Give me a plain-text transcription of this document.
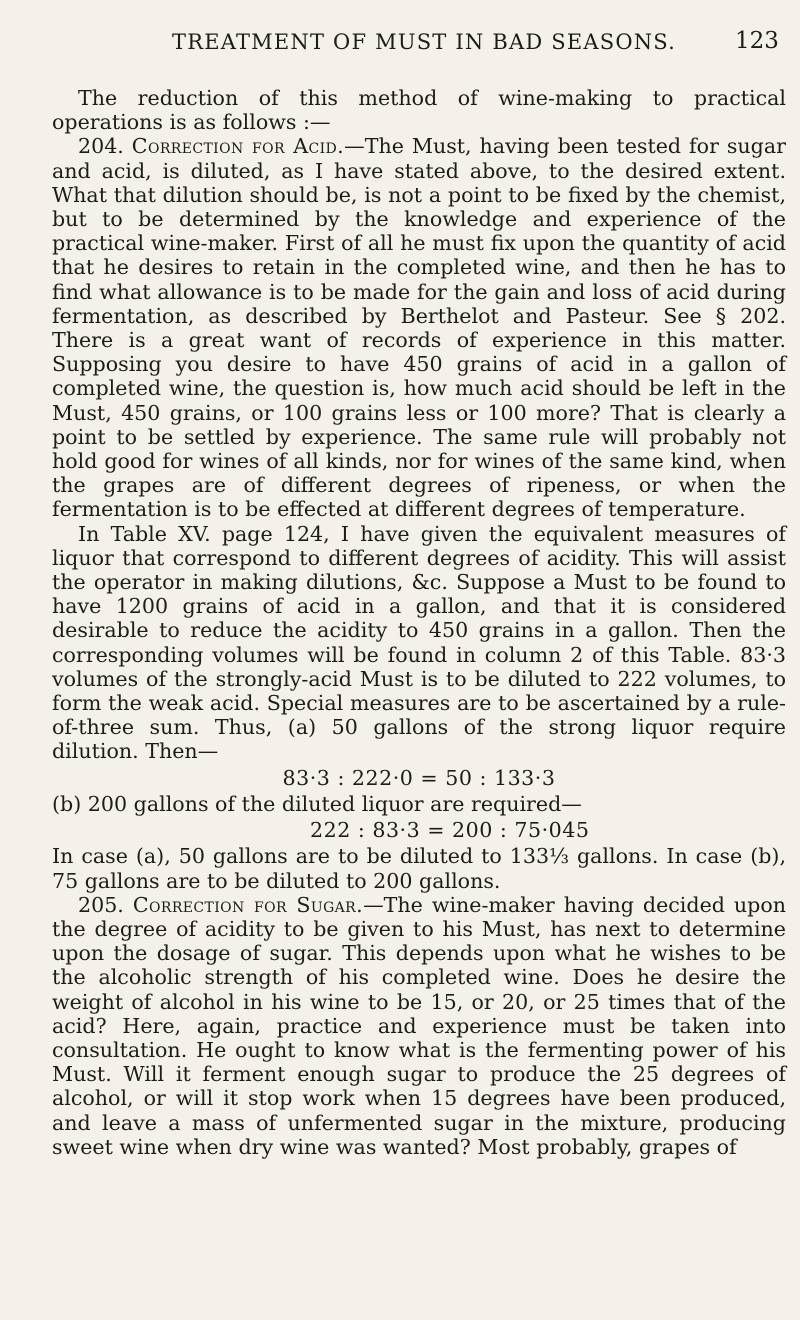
TREATMENT OF MUST IN BAD SEASONS.	123

The reduction of this method of wine-making to practical operations is as follows :—

204. Correction for Acid.—The Must, having been tested for sugar and acid, is diluted, as I have stated above, to the desired extent. What that dilution should be, is not a point to be fixed by the chemist, but to be determined by the knowledge and experience of the practical wine-maker. First of all he must fix upon the quantity of acid that he desires to retain in the completed wine, and then he has to find what allowance is to be made for the gain and loss of acid during fermentation, as described by Berthelot and Pasteur. See § 202. There is a great want of records of experience in this matter. Supposing you desire to have 450 grains of acid in a gallon of completed wine, the question is, how much acid should be left in the Must, 450 grains, or 100 grains less or 100 more? That is clearly a point to be settled by experience. The same rule will probably not hold good for wines of all kinds, nor for wines of the same kind, when the grapes are of different degrees of ripeness, or when the fermentation is to be effected at different degrees of temperature.

In Table XV. page 124, I have given the equivalent measures of liquor that correspond to different degrees of acidity. This will assist the operator in making dilutions, &c. Suppose a Must to be found to have 1200 grains of acid in a gallon, and that it is considered desirable to reduce the acidity to 450 grains in a gallon. Then the corresponding volumes will be found in column 2 of this Table. 83·3 volumes of the strongly-acid Must is to be diluted to 222 volumes, to form the weak acid. Special measures are to be ascertained by a rule-of-three sum. Thus, (a) 50 gallons of the strong liquor require dilution. Then—

83·3 : 222·0 = 50 : 133·3

(b) 200 gallons of the diluted liquor are required—

222 : 83·3 = 200 : 75·045

In case (a), 50 gallons are to be diluted to 133⅓ gallons. In case (b), 75 gallons are to be diluted to 200 gallons.

205. Correction for Sugar.—The wine-maker having decided upon the degree of acidity to be given to his Must, has next to determine upon the dosage of sugar. This depends upon what he wishes to be the alcoholic strength of his completed wine. Does he desire the weight of alcohol in his wine to be 15, or 20, or 25 times that of the acid? Here, again, practice and experience must be taken into consultation. He ought to know what is the fermenting power of his Must. Will it ferment enough sugar to produce the 25 degrees of alcohol, or will it stop work when 15 degrees have been produced, and leave a mass of unfermented sugar in the mixture, producing sweet wine when dry wine was wanted? Most probably, grapes of
